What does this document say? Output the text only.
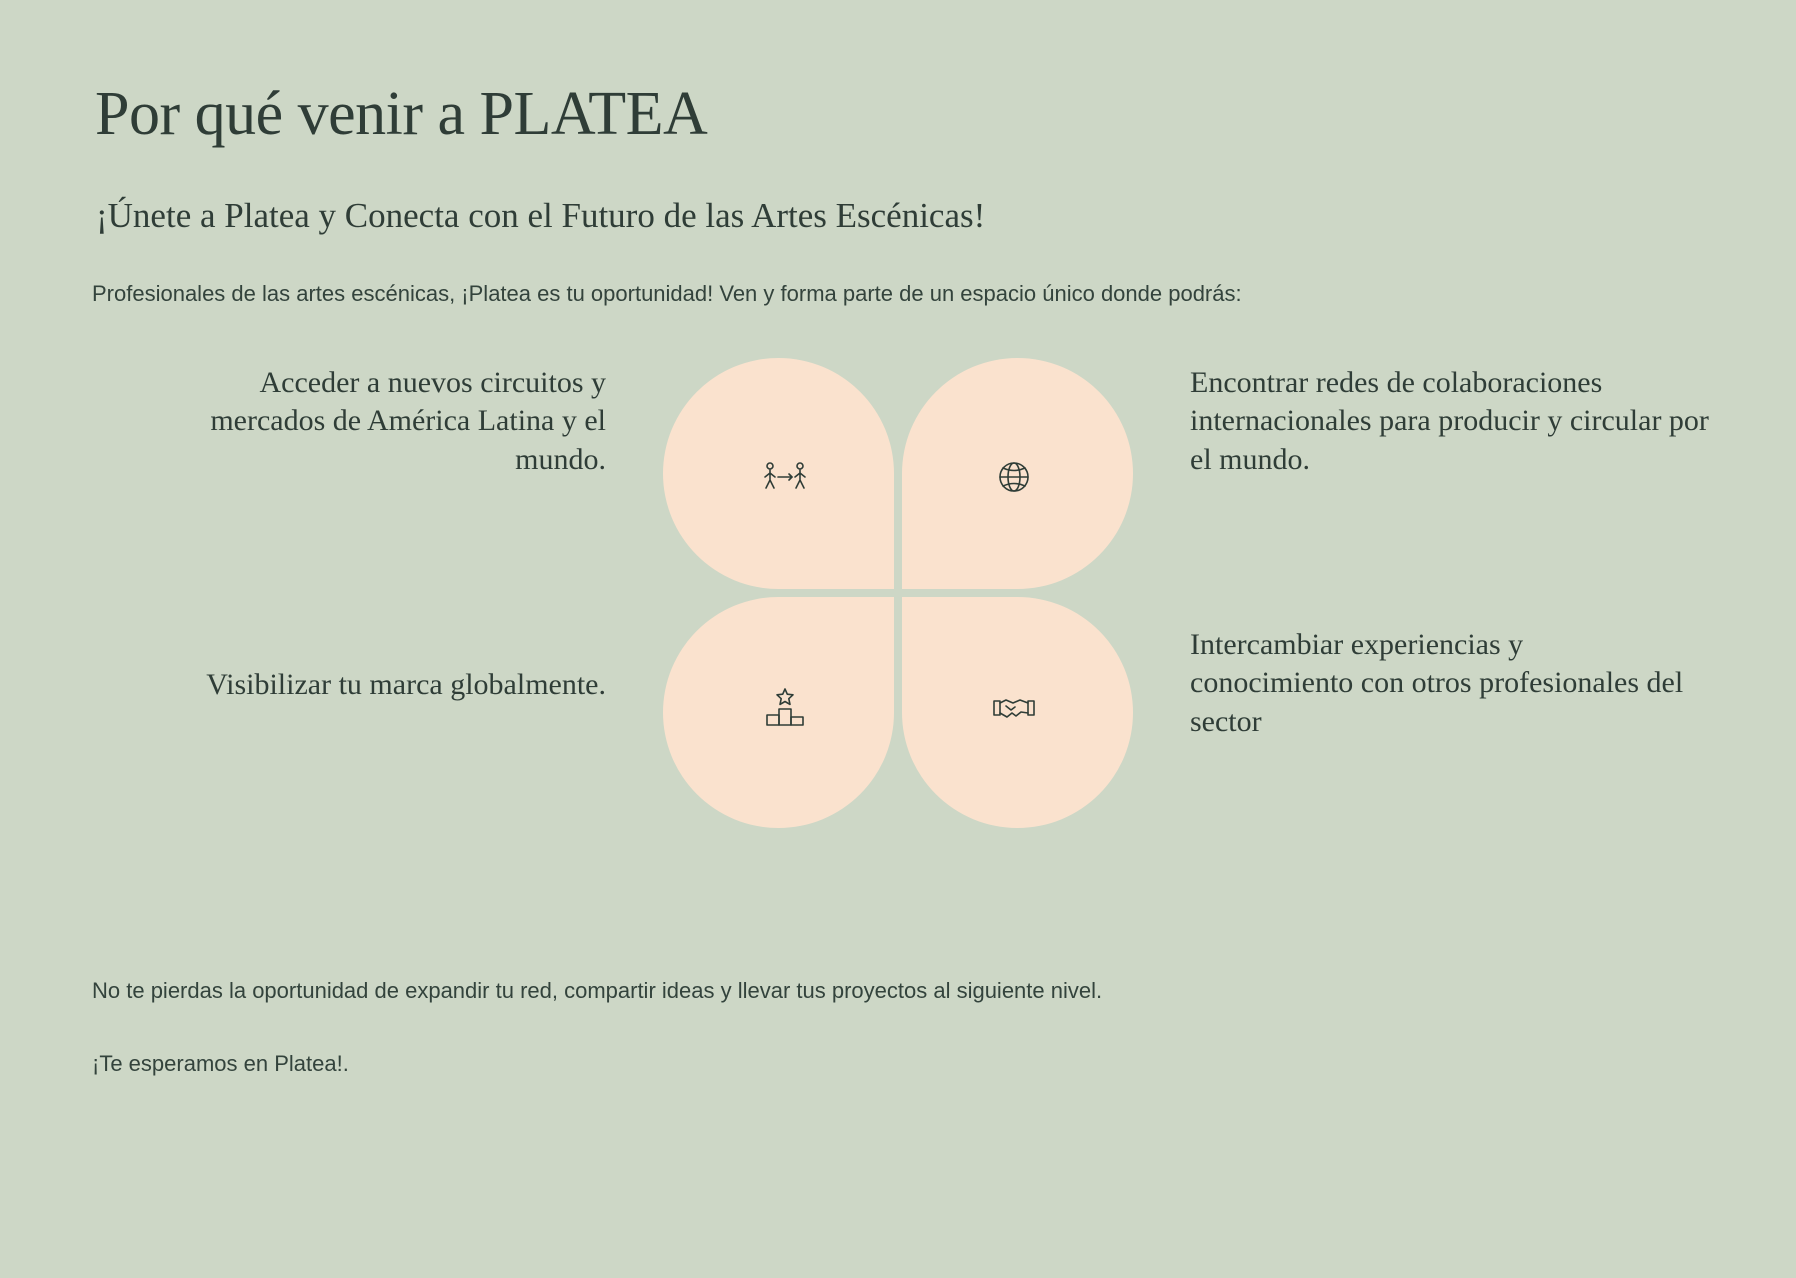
Por qué venir a PLATEA
¡Únete a Platea y Conecta con el Futuro de las Artes Escénicas!

Profesionales de las artes escénicas, ¡Platea es tu oportunidad! Ven y forma parte de un espacio único donde podrás:

Acceder a nuevos circuitos y mercados de América Latina y el mundo.
Encontrar redes de colaboraciones internacionales para producir y circular por el mundo.
Visibilizar tu marca globalmente.
Intercambiar experiencias y conocimiento con otros profesionales del sector

No te pierdas la oportunidad de expandir tu red, compartir ideas y llevar tus proyectos al siguiente nivel.

¡Te esperamos en Platea!.
